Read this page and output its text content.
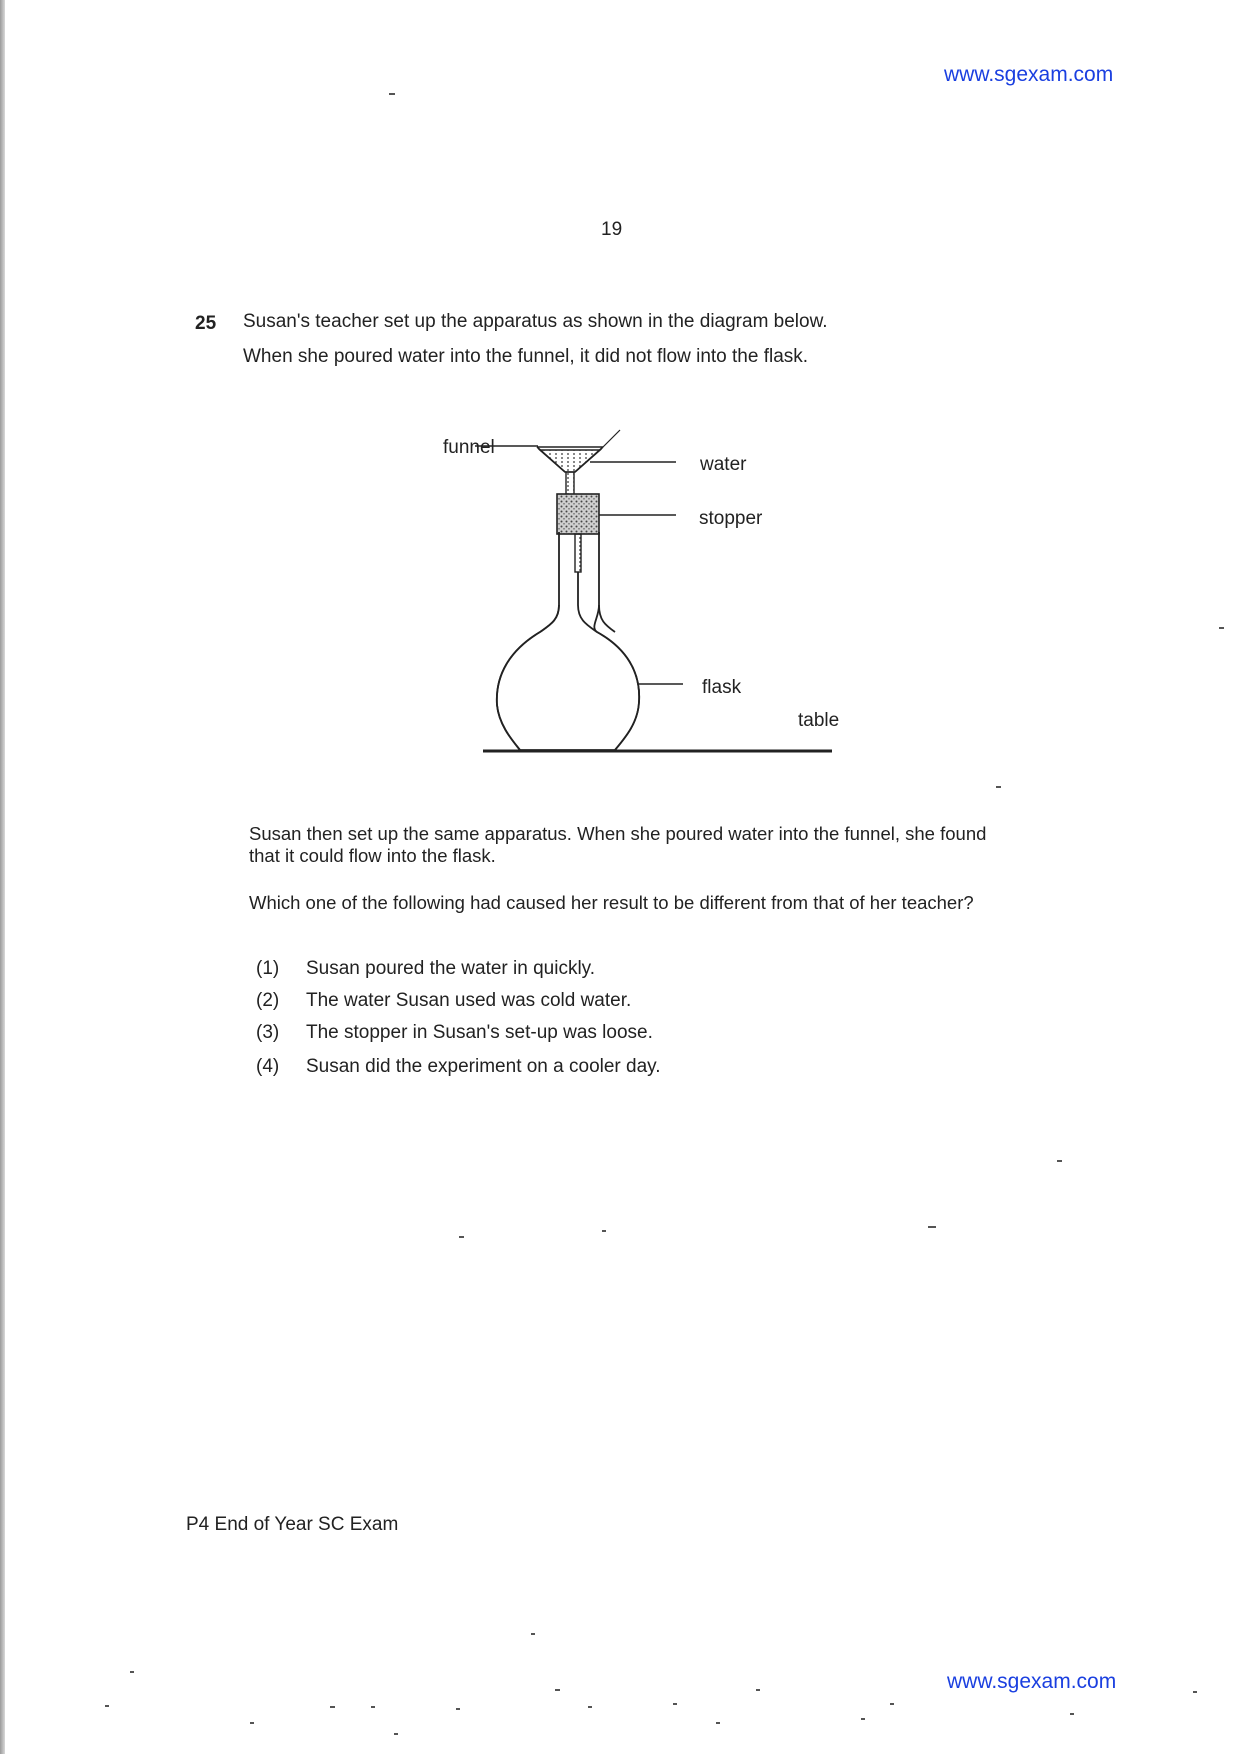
www.sgexam.com
19
25 Susan's teacher set up the apparatus as shown in the diagram below.
When she poured water into the funnel, it did not flow into the flask.
funnel
water
stopper
flask
table
Susan then set up the same apparatus. When she poured water into the funnel, she found
that it could flow into the flask.
Which one of the following had caused her result to be different from that of her teacher?
(1) Susan poured the water in quickly.
(2) The water Susan used was cold water.
(3) The stopper in Susan's set-up was loose.
(4) Susan did the experiment on a cooler day.
P4 End of Year SC Exam
www.sgexam.com
